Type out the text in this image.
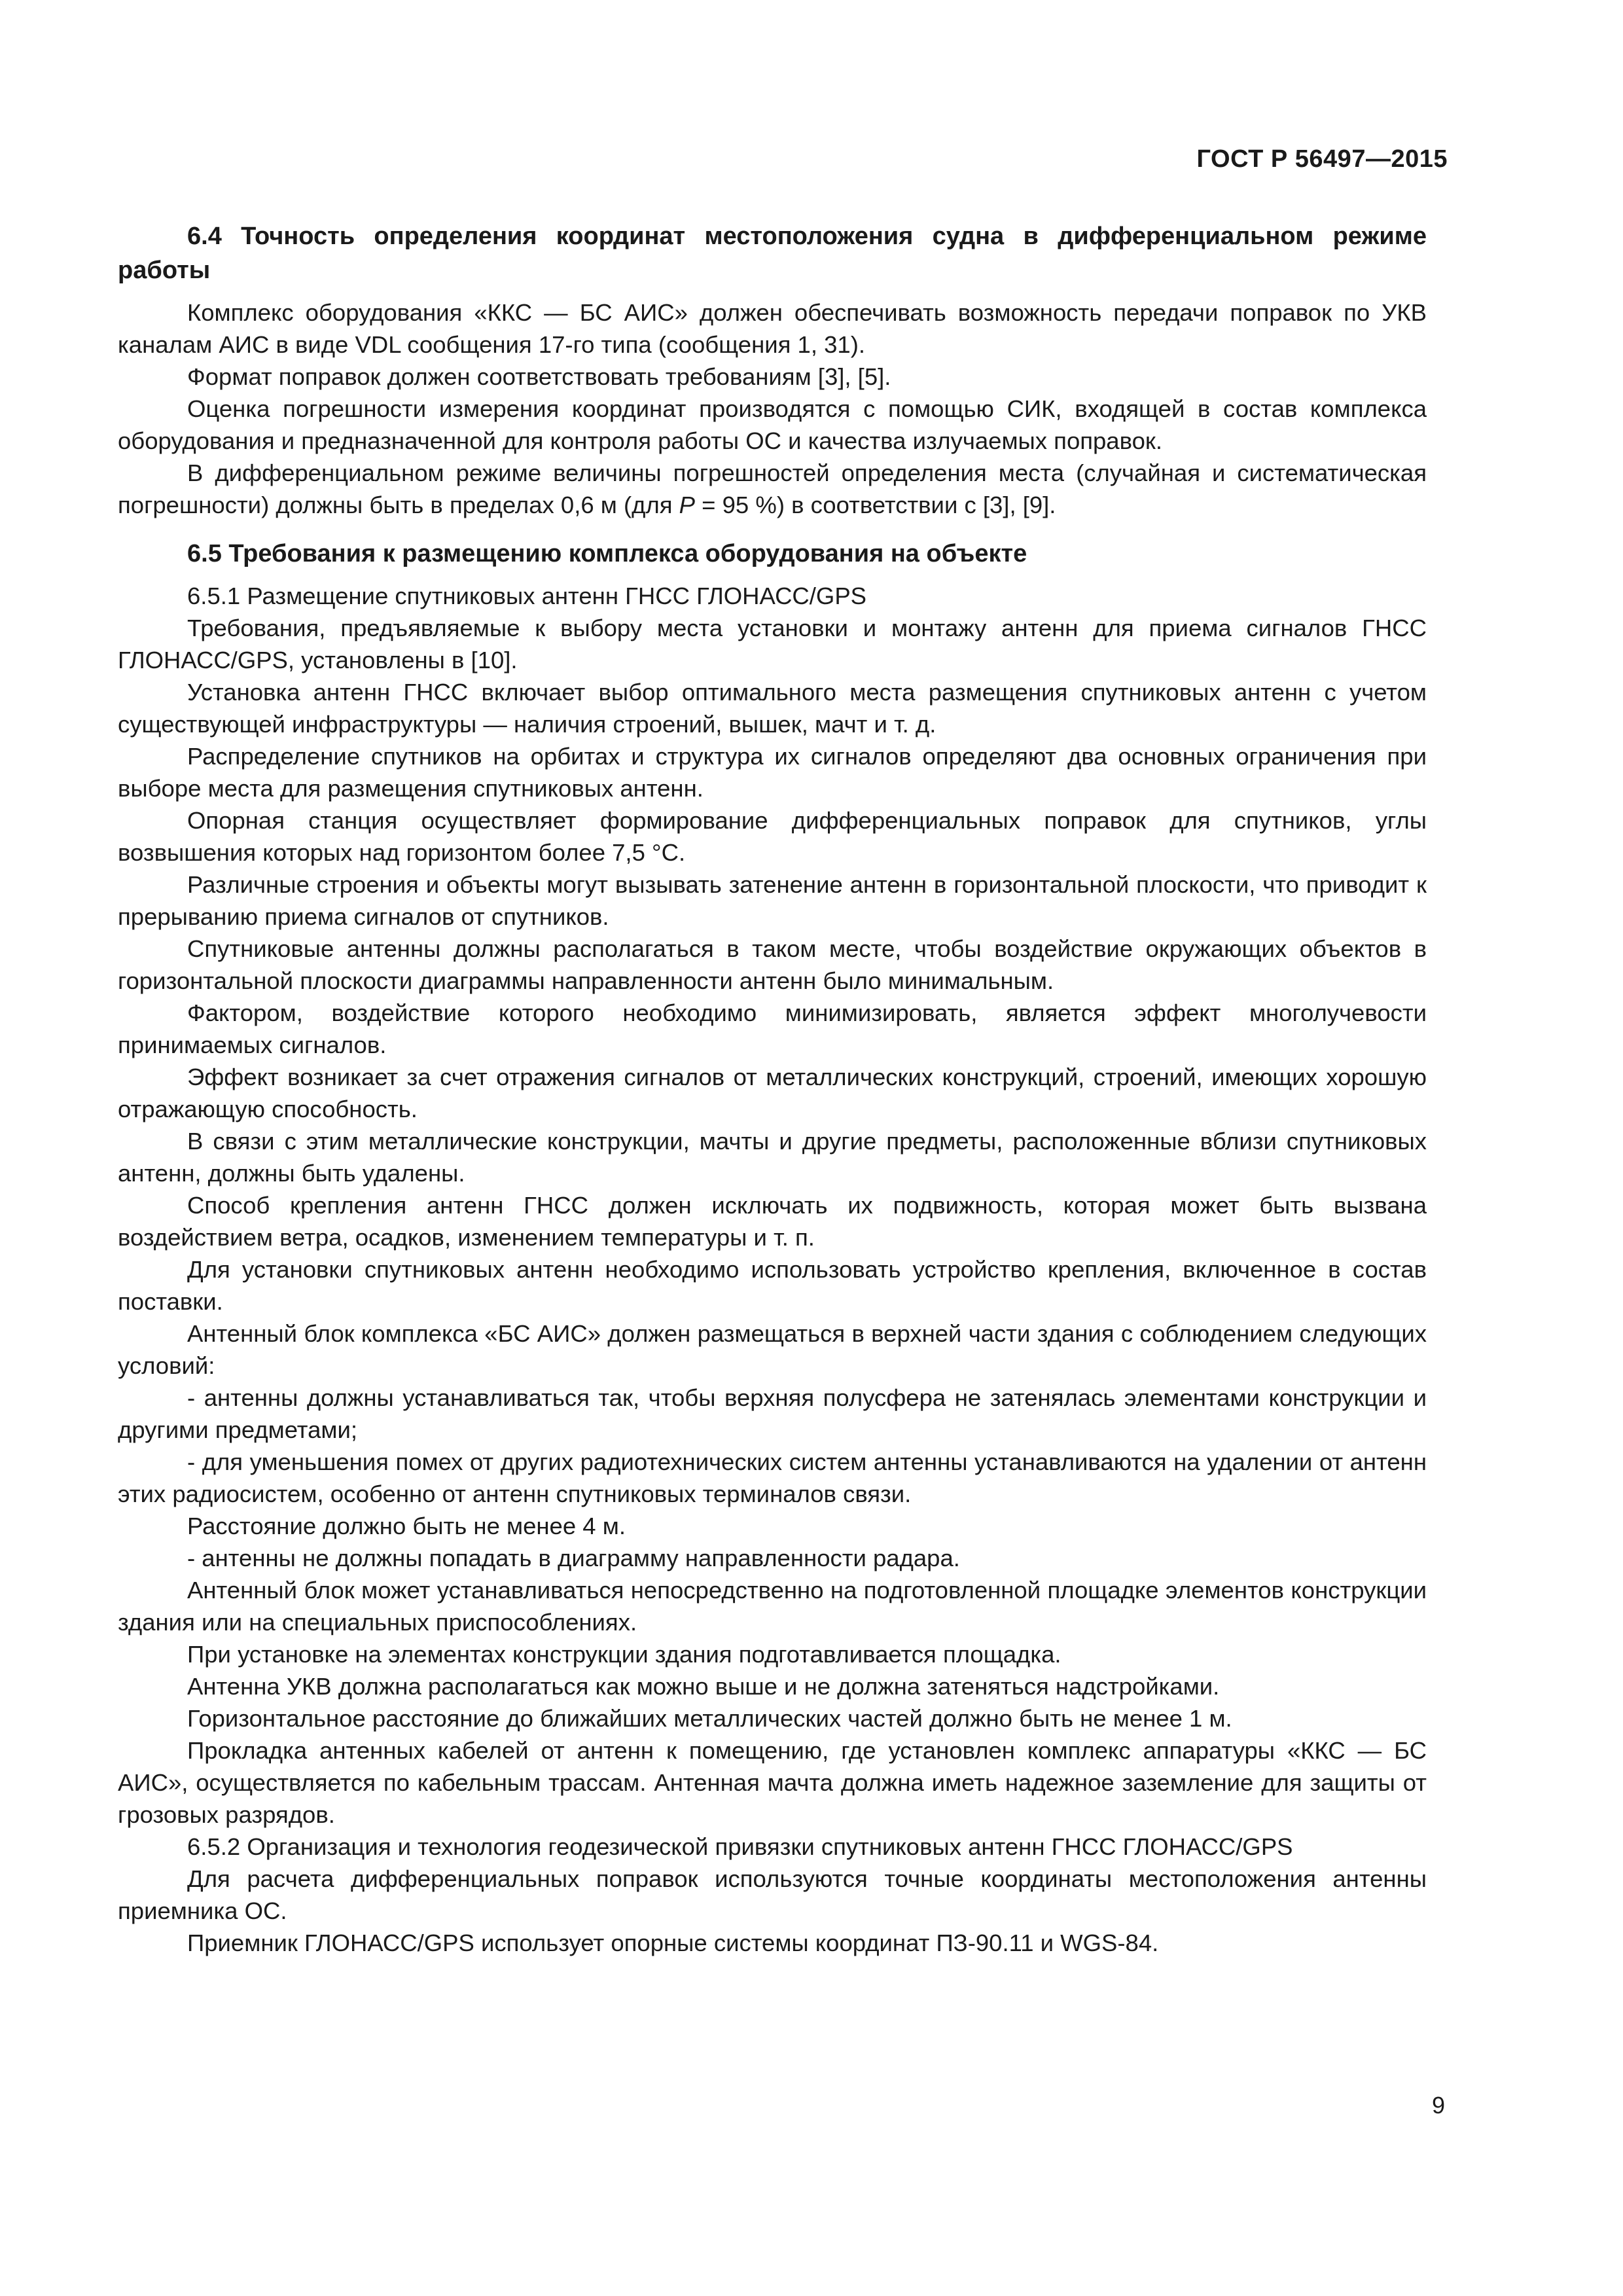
ГОСТ Р 56497—2015

6.4 Точность определения координат местоположения судна в дифференциальном режиме работы

Комплекс оборудования «ККС — БС АИС» должен обеспечивать возможность передачи поправок по УКВ каналам АИС в виде VDL сообщения 17-го типа (сообщения 1, 31).

Формат поправок должен соответствовать требованиям [3], [5].

Оценка погрешности измерения координат производятся с помощью СИК, входящей в состав комплекса оборудования и предназначенной для контроля работы ОС и качества излучаемых поправок.

В дифференциальном режиме величины погрешностей определения места (случайная и систематическая погрешности) должны быть в пределах 0,6 м (для P = 95 %) в соответствии с [3], [9].

6.5 Требования к размещению комплекса оборудования на объекте

6.5.1 Размещение спутниковых антенн ГНСС ГЛОНАСС/GPS

Требования, предъявляемые к выбору места установки и монтажу антенн для приема сигналов ГНСС ГЛОНАСС/GPS, установлены в [10].

Установка антенн ГНСС включает выбор оптимального места размещения спутниковых антенн с учетом существующей инфраструктуры — наличия строений, вышек, мачт и т. д.

Распределение спутников на орбитах и структура их сигналов определяют два основных ограничения при выборе места для размещения спутниковых антенн.

Опорная станция осуществляет формирование дифференциальных поправок для спутников, углы возвышения которых над горизонтом более 7,5 °С.

Различные строения и объекты могут вызывать затенение антенн в горизонтальной плоскости, что приводит к прерыванию приема сигналов от спутников.

Спутниковые антенны должны располагаться в таком месте, чтобы воздействие окружающих объектов в горизонтальной плоскости диаграммы направленности антенн было минимальным.

Фактором, воздействие которого необходимо минимизировать, является эффект многолучевости принимаемых сигналов.

Эффект возникает за счет отражения сигналов от металлических конструкций, строений, имеющих хорошую отражающую способность.

В связи с этим металлические конструкции, мачты и другие предметы, расположенные вблизи спутниковых антенн, должны быть удалены.

Способ крепления антенн ГНСС должен исключать их подвижность, которая может быть вызвана воздействием ветра, осадков, изменением температуры и т. п.

Для установки спутниковых антенн необходимо использовать устройство крепления, включенное в состав поставки.

Антенный блок комплекса «БС АИС» должен размещаться в верхней части здания с соблюдением следующих условий:

- антенны должны устанавливаться так, чтобы верхняя полусфера не затенялась элементами конструкции и другими предметами;

- для уменьшения помех от других радиотехнических систем антенны устанавливаются на удалении от антенн этих радиосистем, особенно от антенн спутниковых терминалов связи.

Расстояние должно быть не менее 4 м.

- антенны не должны попадать в диаграмму направленности радара.

Антенный блок может устанавливаться непосредственно на подготовленной площадке элементов конструкции здания или на специальных приспособлениях.

При установке на элементах конструкции здания подготавливается площадка.

Антенна УКВ должна располагаться как можно выше и не должна затеняться надстройками.

Горизонтальное расстояние до ближайших металлических частей должно быть не менее 1 м.

Прокладка антенных кабелей от антенн к помещению, где установлен комплекс аппаратуры «ККС — БС АИС», осуществляется по кабельным трассам. Антенная мачта должна иметь надежное заземление для защиты от грозовых разрядов.

6.5.2 Организация и технология геодезической привязки спутниковых антенн ГНСС ГЛОНАСС/GPS

Для расчета дифференциальных поправок используются точные координаты местоположения антенны приемника ОС.

Приемник ГЛОНАСС/GPS использует опорные системы координат ПЗ-90.11 и WGS-84.

9
